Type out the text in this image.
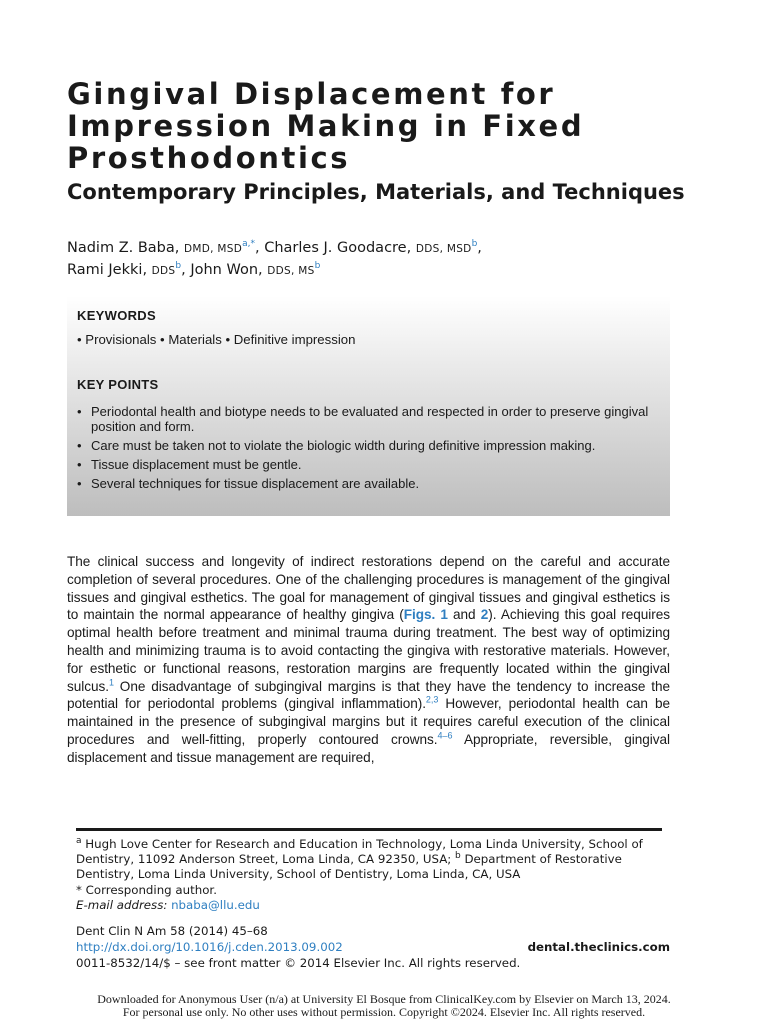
Gingival Displacement for Impression Making in Fixed Prosthodontics
Contemporary Principles, Materials, and Techniques
Nadim Z. Baba, DMD, $MSD^{a,*}$, Charles J. Goodacre, DDS, MSD$^b$,
Rami Jekki, DDS$^b$, John Won, DDS, $MS^b$
KEYWORDS
• Provisionals • Materials • Definitive impression
KEY POINTS
• Periodontal health and biotype needs to be evaluated and respected in order to preserve gingival position and form.
• Care must be taken not to violate the biologic width during definitive impression making.
• Tissue displacement must be gentle.
• Several techniques for tissue displacement are available.

The clinical success and longevity of indirect restorations depend on the careful and accurate completion of several procedures. One of the challenging procedures is management of the gingival tissues and gingival esthetics. The goal for management of gingival tissues and gingival esthetics is to maintain the normal appearance of healthy gingiva (Figs. 1 and 2). Achieving this goal requires optimal health before treatment and minimal trauma during treatment. The best way of optimizing health and minimizing trauma is to avoid contacting the gingiva with restorative materials. However, for esthetic or functional reasons, restoration margins are frequently located within the gingival sulcus.$^1$ One disadvantage of subgingival margins is that they have the tendency to increase the potential for periodontal problems (gingival inflammation).$^{2,3}$ However, periodontal health can be maintained in the presence of subgingival margins but it requires careful execution of the clinical procedures and well-fitting, properly contoured crowns.$^{4-6}$ Appropriate, reversible, gingival displacement and tissue management are required,

$^a$ Hugh Love Center for Research and Education in Technology, Loma Linda University, School of Dentistry, 11092 Anderson Street, Loma Linda, CA 92350, USA; $^b$ Department of Restorative Dentistry, Loma Linda University, School of Dentistry, Loma Linda, CA, USA

* Corresponding author.

E-mail address: nbaba@llu.edu

Dent Clin N Am 58 (2014) 45–68

http://dx.doi.org/10.1016/j.cden.2013.09.002

0011-8532/14/$ – see front matter © 2014 Elsevier Inc. All rights reserved.

dental.theclinics.com
Downloaded for Anonymous User (n/a) at University El Bosque from ClinicalKey.com by Elsevier on March 13, 2024.
For personal use only. No other uses without permission. Copyright ©2024. Elsevier Inc. All rights reserved.
